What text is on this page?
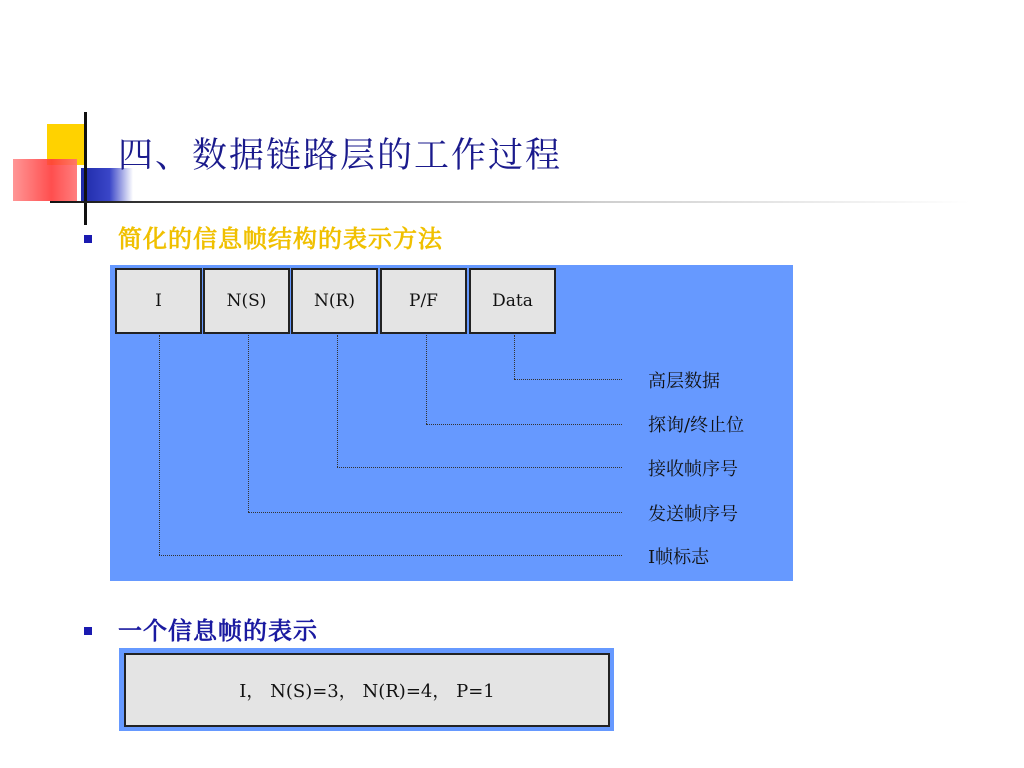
四、数据链路层的工作过程
简化的信息帧结构的表示方法
I	N(S)	N(R)	P/F	Data
高层数据
探询/终止位
接收帧序号
发送帧序号
I帧标志
一个信息帧的表示
I， N(S)=3， N(R)=4， P=1
